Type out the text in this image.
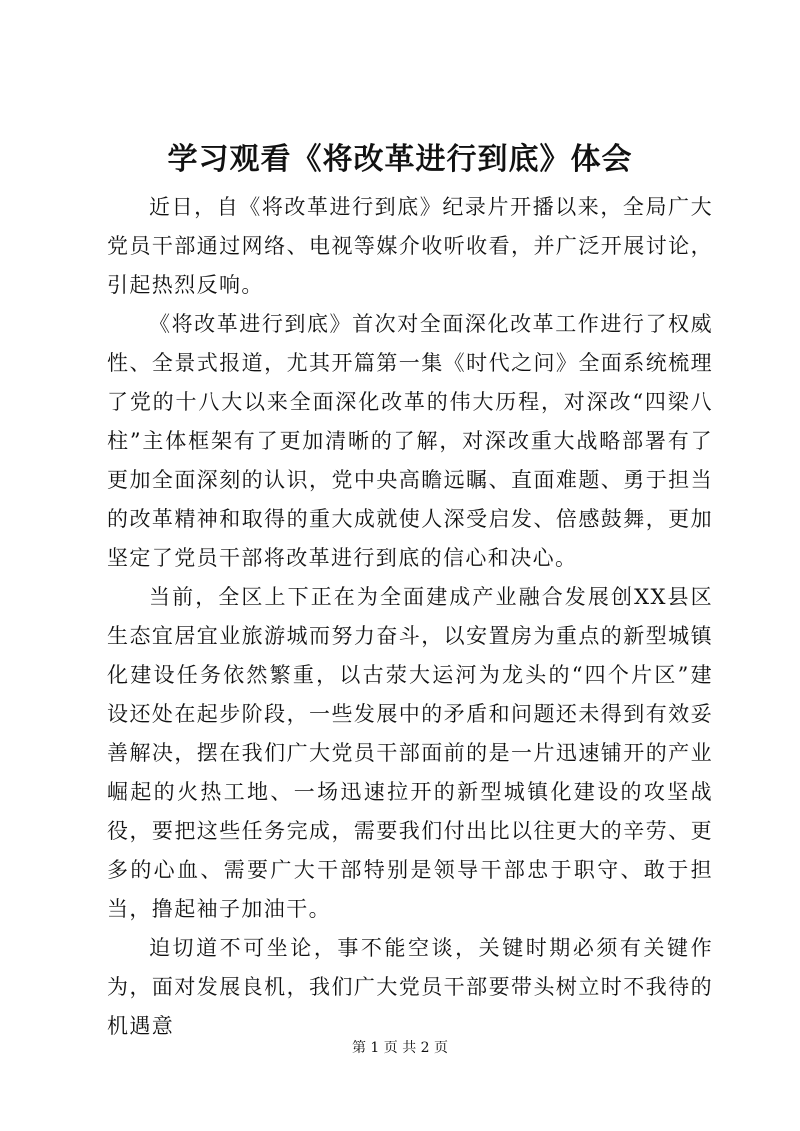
学习观看《将改革进行到底》体会

近日，自《将改革进行到底》纪录片开播以来，全局广大党员干部通过网络、电视等媒介收听收看，并广泛开展讨论，引起热烈反响。

《将改革进行到底》首次对全面深化改革工作进行了权威性、全景式报道，尤其开篇第一集《时代之问》全面系统梳理了党的十八大以来全面深化改革的伟大历程，对深改“四梁八柱”主体框架有了更加清晰的了解，对深改重大战略部署有了更加全面深刻的认识，党中央高瞻远瞩、直面难题、勇于担当的改革精神和取得的重大成就使人深受启发、倍感鼓舞，更加坚定了党员干部将改革进行到底的信心和决心。

当前，全区上下正在为全面建成产业融合发展创XX县区生态宜居宜业旅游城而努力奋斗，以安置房为重点的新型城镇化建设任务依然繁重，以古荥大运河为龙头的“四个片区”建设还处在起步阶段，一些发展中的矛盾和问题还未得到有效妥善解决，摆在我们广大党员干部面前的是一片迅速铺开的产业崛起的火热工地、一场迅速拉开的新型城镇化建设的攻坚战役，要把这些任务完成，需要我们付出比以往更大的辛劳、更多的心血、需要广大干部特别是领导干部忠于职守、敢于担当，撸起袖子加油干。

迫切道不可坐论，事不能空谈，关键时期必须有关键作为，面对发展良机，我们广大党员干部要带头树立时不我待的机遇意

第 1 页 共 2 页
